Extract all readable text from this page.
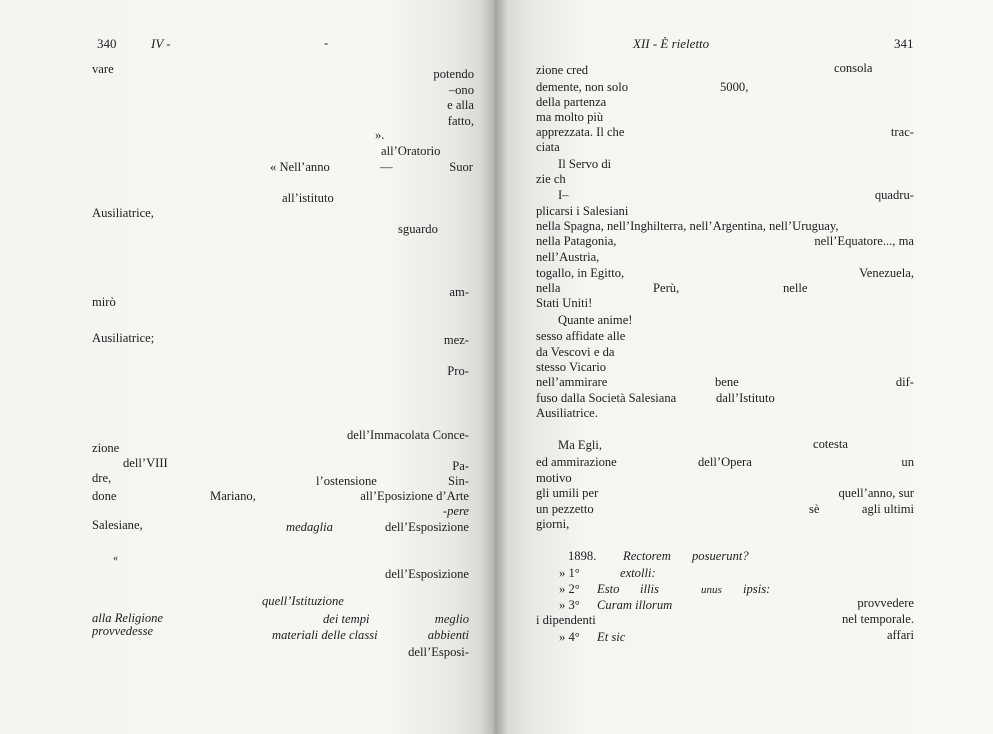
340	IV -	-
vare	potendo
–ono
e alla
fatto,
».
all’Oratorio
« Nell’anno	—	Suor
all’istituto
Ausiliatrice,
sguardo
am-
mirò
Ausiliatrice;	mez-
Pro-
dell’Immacolata Conce-
zione
dell’VIII	Pa-
dre,	l’ostensione	Sin-
done	Mariano,	all’Eposizione d’Arte
-pere
Salesiane,	medaglia	dell’Esposizione
«
dell’Esposizione
quell’Istituzione
alla Religione	dei tempi	meglio
provvedesse	materiali delle classi	abbienti
dell’Esposi-
XII - È rieletto	341
zione cred	consola
demente, non solo	5000,
della partenza
ma molto più
apprezzata. Il che	trac-
ciata
Il Servo di
zie ch
I–	quadru-
plicarsi i Salesiani
nella Spagna, nell’Inghilterra, nell’Argentina, nell’Uruguay,
nella Patagonia,	nell’Equatore..., ma
nell’Austria,
togallo, in Egitto,	Venezuela,
nella	Perù,	nelle
Stati Uniti!
Quante anime!
sesso affidate alle
da Vescovi e da
stesso Vicario
nell’ammirare	bene	dif-
fuso dalla Società Salesiana	dall’Istituto
Ausiliatrice.
Ma Egli,	cotesta
ed ammirazione	dell’Opera	un
motivo
gli umili per	quell’anno, sur
un pezzetto	sè	agli ultimi
giorni,
1898. Rectorem posuerunt?
» 1°	extolli:
» 2° Esto illis	unus ipsis:
» 3° Curam illorum	provvedere
i dipendenti	nel temporale.
» 4° Et sic	affari
